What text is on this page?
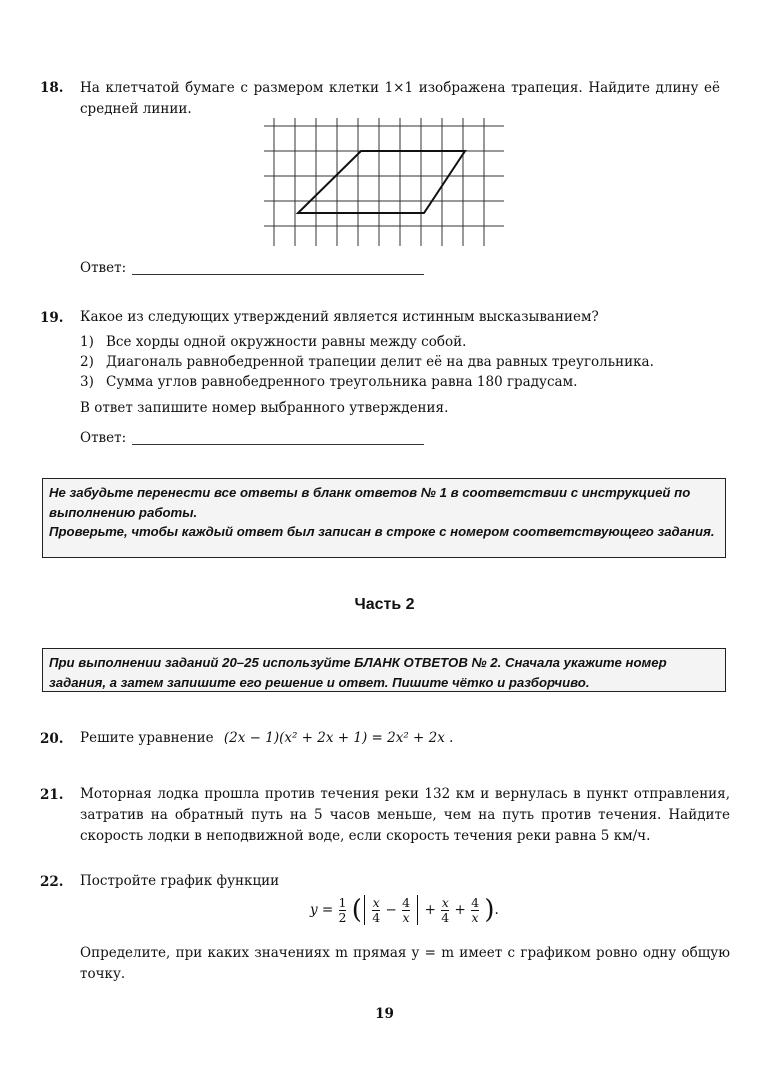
18. На клетчатой бумаге с размером клетки 1×1 изображена трапеция. Найдите длину её средней линии.
Ответ:
19. Какое из следующих утверждений является истинным высказыванием?
1) Все хорды одной окружности равны между собой.
2) Диагональ равнобедренной трапеции делит её на два равных треугольника.
3) Сумма углов равнобедренного треугольника равна 180 градусам.
В ответ запишите номер выбранного утверждения.
Ответ:
Не забудьте перенести все ответы в бланк ответов № 1 в соответствии с инструкцией по выполнению работы.
Проверьте, чтобы каждый ответ был записан в строке с номером соответствующего задания.
Часть 2
При выполнении заданий 20–25 используйте БЛАНК ОТВЕТОВ № 2. Сначала укажите номер задания, а затем запишите его решение и ответ. Пишите чётко и разборчиво.
20. Решите уравнение (2x − 1)(x² + 2x + 1) = 2x² + 2x .
21. Моторная лодка прошла против течения реки 132 км и вернулась в пункт отправления, затратив на обратный путь на 5 часов меньше, чем на путь против течения. Найдите скорость лодки в неподвижной воде, если скорость течения реки равна 5 км/ч.
22. Постройте график функции
$y = \frac{1}{2}$ ( $\frac{x}{4} - \frac{4}{x} + \frac{x}{4} + \frac{4}{x}$ ).
Определите, при каких значениях m прямая y = m имеет с графиком ровно одну общую точку.
19
